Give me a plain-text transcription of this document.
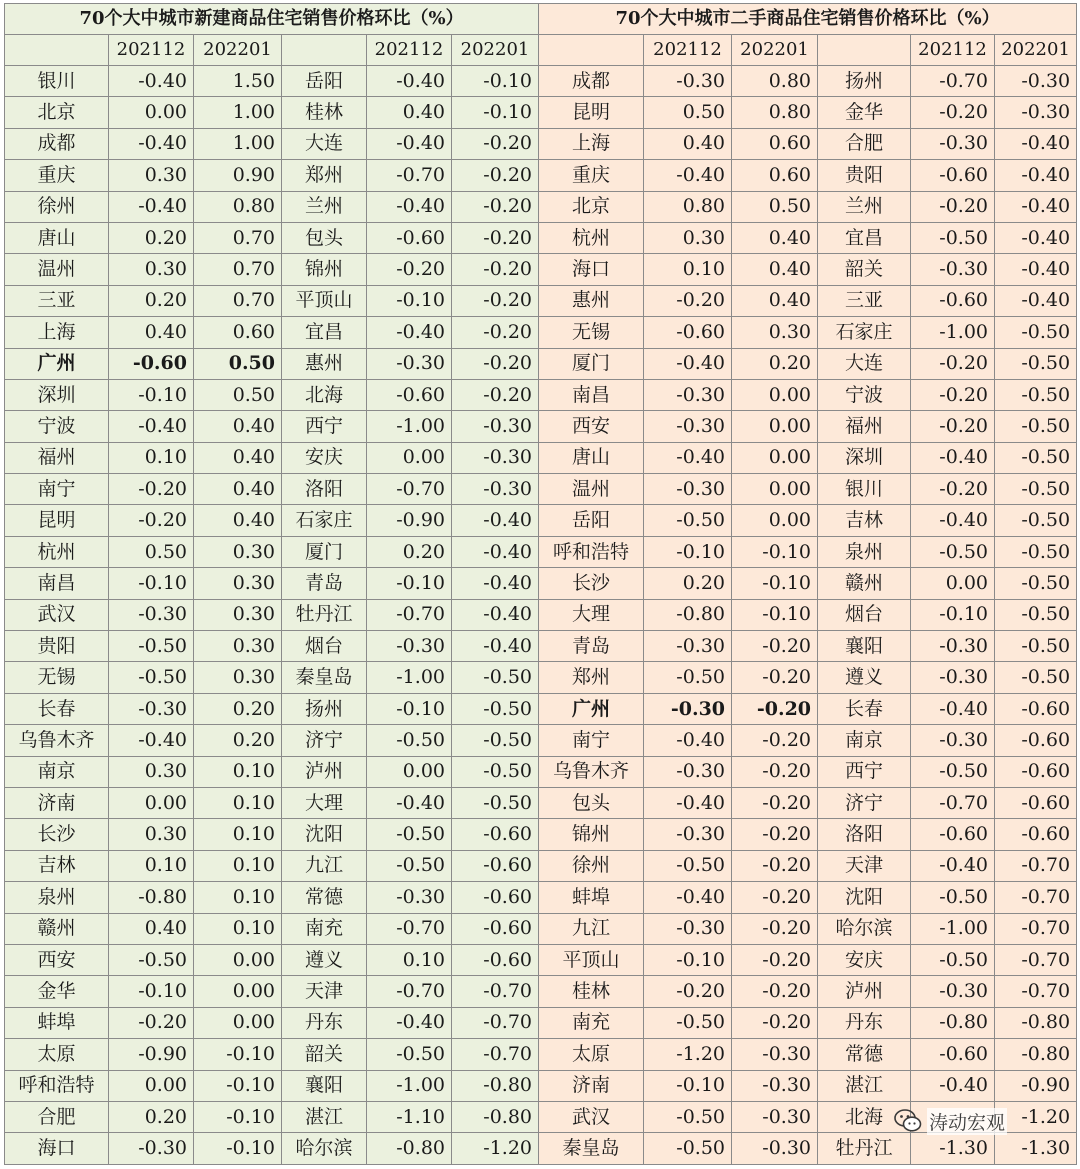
70个大中城市新建商品住宅销售价格环比（%）						70个大中城市二手商品住宅销售价格环比（%）					
	202112	202201		202112	202201		202112	202201		202112	202201
银川	-0.40	1.50	岳阳	-0.40	-0.10	成都	-0.30	0.80	扬州	-0.70	-0.30
北京	0.00	1.00	桂林	0.40	-0.10	昆明	0.50	0.80	金华	-0.20	-0.30
成都	-0.40	1.00	大连	-0.40	-0.20	上海	0.40	0.60	合肥	-0.30	-0.40
重庆	0.30	0.90	郑州	-0.70	-0.20	重庆	-0.40	0.60	贵阳	-0.60	-0.40
徐州	-0.40	0.80	兰州	-0.40	-0.20	北京	0.80	0.50	兰州	-0.20	-0.40
唐山	0.20	0.70	包头	-0.60	-0.20	杭州	0.30	0.40	宜昌	-0.50	-0.40
温州	0.30	0.70	锦州	-0.20	-0.20	海口	0.10	0.40	韶关	-0.30	-0.40
三亚	0.20	0.70	平顶山	-0.10	-0.20	惠州	-0.20	0.40	三亚	-0.60	-0.40
上海	0.40	0.60	宜昌	-0.40	-0.20	无锡	-0.60	0.30	石家庄	-1.00	-0.50
广州	-0.60	0.50	惠州	-0.30	-0.20	厦门	-0.40	0.20	大连	-0.20	-0.50
深圳	-0.10	0.50	北海	-0.60	-0.20	南昌	-0.30	0.00	宁波	-0.20	-0.50
宁波	-0.40	0.40	西宁	-1.00	-0.30	西安	-0.30	0.00	福州	-0.20	-0.50
福州	0.10	0.40	安庆	0.00	-0.30	唐山	-0.40	0.00	深圳	-0.40	-0.50
南宁	-0.20	0.40	洛阳	-0.70	-0.30	温州	-0.30	0.00	银川	-0.20	-0.50
昆明	-0.20	0.40	石家庄	-0.90	-0.40	岳阳	-0.50	0.00	吉林	-0.40	-0.50
杭州	0.50	0.30	厦门	0.20	-0.40	呼和浩特	-0.10	-0.10	泉州	-0.50	-0.50
南昌	-0.10	0.30	青岛	-0.10	-0.40	长沙	0.20	-0.10	赣州	0.00	-0.50
武汉	-0.30	0.30	牡丹江	-0.70	-0.40	大理	-0.80	-0.10	烟台	-0.10	-0.50
贵阳	-0.50	0.30	烟台	-0.30	-0.40	青岛	-0.30	-0.20	襄阳	-0.30	-0.50
无锡	-0.50	0.30	秦皇岛	-1.00	-0.50	郑州	-0.50	-0.20	遵义	-0.30	-0.50
长春	-0.30	0.20	扬州	-0.10	-0.50	广州	-0.30	-0.20	长春	-0.40	-0.60
乌鲁木齐	-0.40	0.20	济宁	-0.50	-0.50	南宁	-0.40	-0.20	南京	-0.30	-0.60
南京	0.30	0.10	泸州	0.00	-0.50	乌鲁木齐	-0.30	-0.20	西宁	-0.50	-0.60
济南	0.00	0.10	大理	-0.40	-0.50	包头	-0.40	-0.20	济宁	-0.70	-0.60
长沙	0.30	0.10	沈阳	-0.50	-0.60	锦州	-0.30	-0.20	洛阳	-0.60	-0.60
吉林	0.10	0.10	九江	-0.50	-0.60	徐州	-0.50	-0.20	天津	-0.40	-0.70
泉州	-0.80	0.10	常德	-0.30	-0.60	蚌埠	-0.40	-0.20	沈阳	-0.50	-0.70
赣州	0.40	0.10	南充	-0.70	-0.60	九江	-0.30	-0.20	哈尔滨	-1.00	-0.70
西安	-0.50	0.00	遵义	0.10	-0.60	平顶山	-0.10	-0.20	安庆	-0.50	-0.70
金华	-0.10	0.00	天津	-0.70	-0.70	桂林	-0.20	-0.20	泸州	-0.30	-0.70
蚌埠	-0.20	0.00	丹东	-0.40	-0.70	南充	-0.50	-0.20	丹东	-0.80	-0.80
太原	-0.90	-0.10	韶关	-0.50	-0.70	太原	-1.20	-0.30	常德	-0.60	-0.80
呼和浩特	0.00	-0.10	襄阳	-1.00	-0.80	济南	-0.10	-0.30	湛江	-0.40	-0.90
合肥	0.20	-0.10	湛江	-1.10	-0.80	武汉	-0.50	-0.30	北海		-1.20
海口	-0.30	-0.10	哈尔滨	-0.80	-1.20	秦皇岛	-0.50	-0.30	牡丹江	-1.30	-1.30
涛动宏观
